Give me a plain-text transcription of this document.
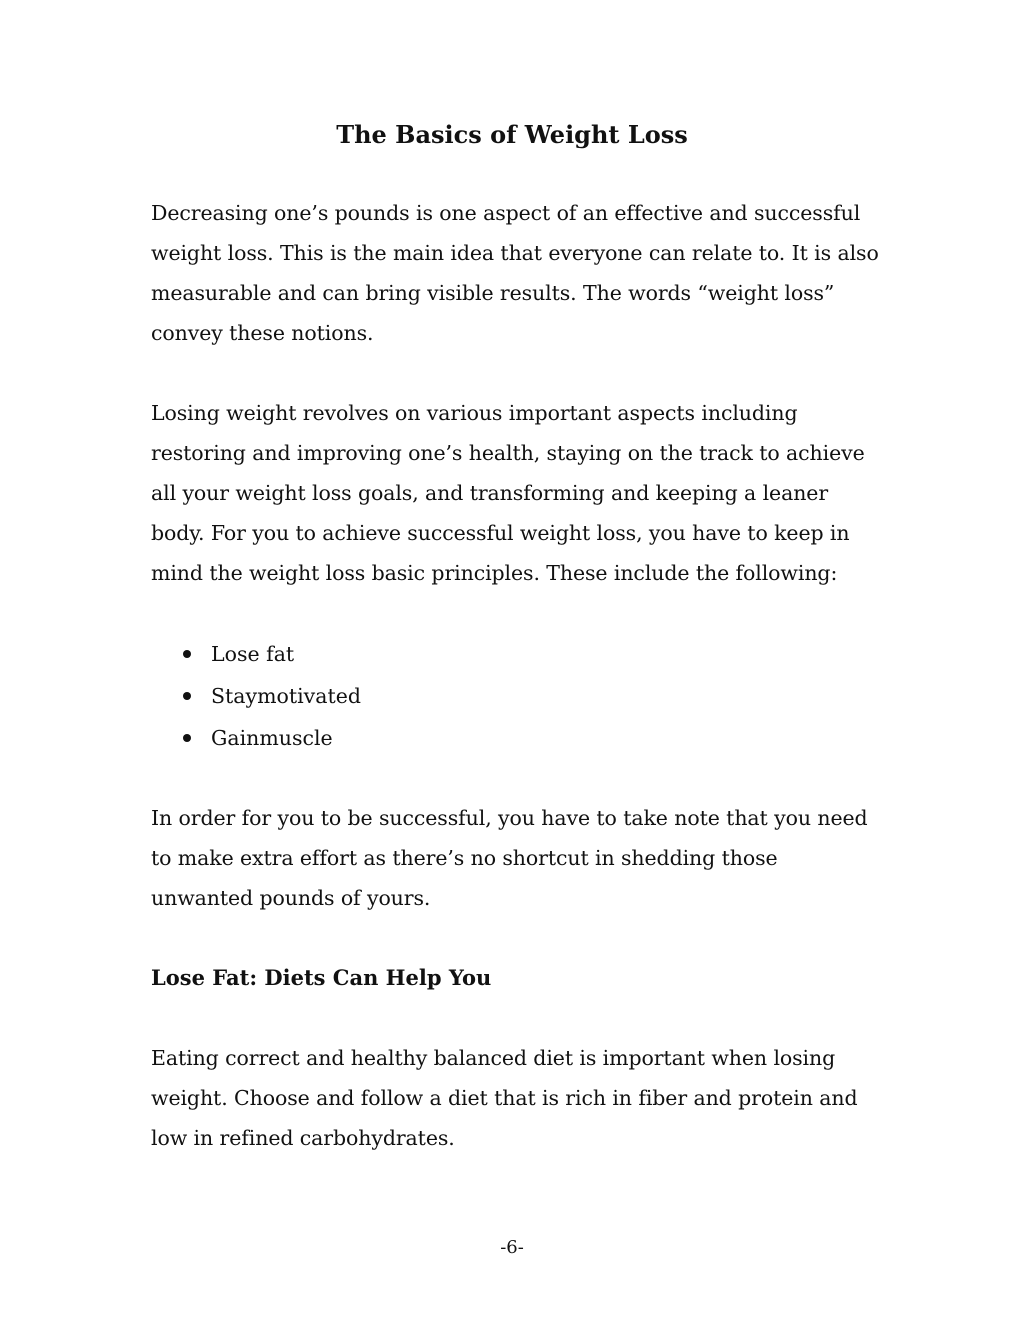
The Basics of Weight Loss

Decreasing one’s pounds is one aspect of an effective and successful
weight loss. This is the main idea that everyone can relate to. It is also
measurable and can bring visible results. The words “weight loss”
convey these notions.

Losing weight revolves on various important aspects including
restoring and improving one’s health, staying on the track to achieve
all your weight loss goals, and transforming and keeping a leaner
body. For you to achieve successful weight loss, you have to keep in
mind the weight loss basic principles. These include the following:

Lose fat
Staymotivated
Gainmuscle

In order for you to be successful, you have to take note that you need
to make extra effort as there’s no shortcut in shedding those
unwanted pounds of yours.

Lose Fat: Diets Can Help You

Eating correct and healthy balanced diet is important when losing
weight. Choose and follow a diet that is rich in fiber and protein and
low in refined carbohydrates.

-6-
